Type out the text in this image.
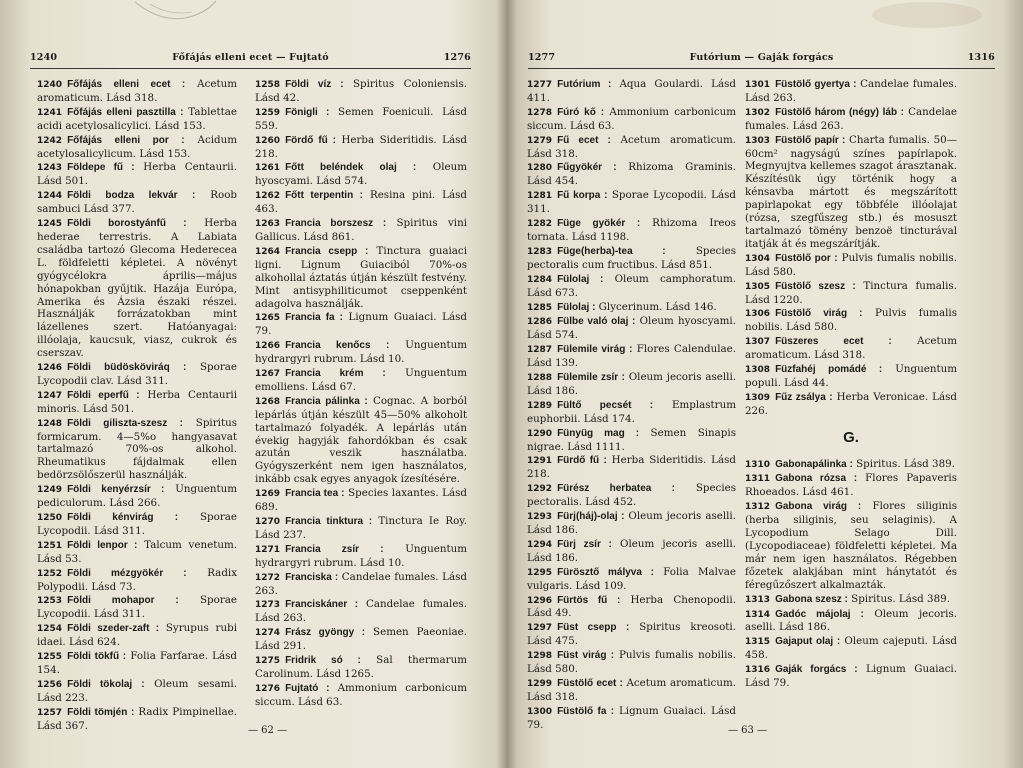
1240	Főfájás elleni ecet — Fujtató	1276
1240 Főfájás elleni ecet : Acetum aromaticum. Lásd 318.
1241 Főfájás elleni pasztilla : Tablettae acidi acetylosalicylici. Lásd 153.
1242 Főfájás elleni por : Acidum acetylosalicylicum. Lásd 153.
1243 Földepe fű : Herba Centaurii. Lásd 501.
1244 Földi bodza lekvár : Roob sambuci Lásd 377.
1245 Földi borostyánfű : Herba hederae terrestris. A Labiata családba tartozó Glecoma Hederecea L. földfeletti képletei. A növényt gyógycélokra április—május hónapokban gyűjtik. Hazája Európa, Amerika és Ázsia északi részei. Használják forrázatokban mint lázellenes szert. Hatóanyagai: illóolaja, kaucsuk, viasz, cukrok és cserszav.
1246 Földi büdösköviráq : Sporae Lycopodii clav. Lásd 311.
1247 Földi eperfű : Herba Centaurii minoris. Lásd 501.
1248 Földi giliszta-szesz : Spiritus formicarum. 4—5%o hangyasavat tartalmazó 70%-os alkohol. Rheumatikus fájdalmak ellen bedörzsölőszerül használják.
1249 Földi kenyérzsír : Unguentum pediculorum. Lásd 266.
1250 Földi kénvirág : Sporae Lycopodii. Lásd 311.
1251 Földi lenpor : Talcum venetum. Lásd 53.
1252 Földi mézgyökér : Radix Polypodii. Lásd 73.
1253 Földi mohapor : Sporae Lycopodii. Lásd 311.
1254 Földi szeder-zaft : Syrupus rubi idaei. Lásd 624.
1255 Földi tökfű : Folia Farfarae. Lásd 154.
1256 Földi tökolaj : Oleum sesami. Lásd 223.
1257 Földi tömjén : Radix Pimpinellae. Lásd 367.
1258 Földi víz : Spiritus Coloniensis. Lásd 42.
1259 Fönigli : Semen Foeniculi. Lásd 559.
1260 Fördő fű : Herba Sideritidis. Lásd 218.
1261 Főtt beléndek olaj : Oleum hyoscyami. Lásd 574.
1262 Főtt terpentin : Resina pini. Lásd 463.
1263 Francia borszesz : Spiritus vini Gallicus. Lásd 861.
1264 Francia csepp : Tinctura guaiaci ligni. Lignum Guiaciból 70%-os alkohollal áztatás útján készült festvény. Mint antisyphiliticumot cseppenként adagolva használják.
1265 Francia fa : Lignum Guaiaci. Lásd 79.
1266 Francia kenőcs : Unguentum hydrargyri rubrum. Lásd 10.
1267 Francia krém : Unguentum emolliens. Lásd 67.
1268 Francia pálinka : Cognac. A borból lepárlás útján készült 45—50% alkoholt tartalmazó folyadék. A lepárlás után évekig hagyják fahordókban és csak azután veszik használatba. Gyógyszerként nem igen használatos, inkább csak egyes anyagok ízesítésére.
1269 Francia tea : Species laxantes. Lásd 689.
1270 Francia tinktura : Tinctura Ie Roy. Lásd 237.
1271 Francia zsír : Unguentum hydrargyri rubrum. Lásd 10.
1272 Franciska : Candelae fumales. Lásd 263.
1273 Franciskáner : Candelae fumales. Lásd 263.
1274 Frász gyöngy : Semen Paeoniae. Lásd 291.
1275 Fridrik só : Sal thermarum Carolinum. Lásd 1265.
1276 Fujtató : Ammonium carbonicum siccum. Lásd 63.
— 62 —
1277	Futórium — Gaják forgács	1316
1277 Futórium : Aqua Goulardi. Lásd 411.
1278 Fúró kő : Ammonium carbonicum siccum. Lásd 63.
1279 Fű ecet : Acetum aromaticum. Lásd 318.
1280 Fűgyökér : Rhizoma Graminis. Lásd 454.
1281 Fű korpa : Sporae Lycopodii. Lásd 311.
1282 Füge gyökér : Rhizoma Ireos tornata. Lásd 1198.
1283 Füge(herba)-tea : Species pectoralis cum fructibus. Lásd 851.
1284 Fülolaj : Oleum camphoratum. Lásd 673.
1285 Fülolaj : Glycerinum. Lásd 146.
1286 Fülbe való olaj : Oleum hyoscyami. Lásd 574.
1287 Fülemile virág : Flores Calendulae. Lásd 139.
1288 Fülemile zsír : Oleum jecoris aselli. Lásd 186.
1289 Fültő pecsét : Emplastrum euphorbii. Lásd 174.
1290 Fünyüg mag : Semen Sinapis nigrae. Lásd 1111.
1291 Fürdő fű : Herba Sideritidis. Lásd 218.
1292 Fürész herbatea : Species pectoralis. Lásd 452.
1293 Fürj(háj)-olaj : Oleum jecoris aselli. Lásd 186.
1294 Fürj zsír : Oleum jecoris aselli. Lásd 186.
1295 Fürösztő mályva : Folia Malvae vulgaris. Lásd 109.
1296 Fürtös fű : Herba Chenopodii. Lásd 49.
1297 Füst csepp : Spiritus kreosoti. Lásd 475.
1298 Füst virág : Pulvis fumalis nobilis. Lásd 580.
1299 Füstölő ecet : Acetum aromaticum. Lásd 318.
1300 Füstölő fa : Lignum Guaiaci. Lásd 79.
1301 Füstölő gyertya : Candelae fumales. Lásd 263.
1302 Füstölő három (négy) láb : Candelae fumales. Lásd 263.
1303 Füstölő papír : Charta fumalis. 50—60cm² nagyságú színes papírlapok. Megnyujtva kellemes szagot árasztanak. Készítésük úgy történik hogy a kénsavba mártott és megszárított papirlapokat egy többféle illóolajat (rózsa, szegfűszeg stb.) és mosuszt tartalmazó tömény benzoë tincturával itatják át és megszárítják.
1304 Füstölő por : Pulvis fumalis nobilis. Lásd 580.
1305 Füstölő szesz : Tinctura fumalis. Lásd 1220.
1306 Füstölő virág : Pulvis fumalis nobilis. Lásd 580.
1307 Füszeres ecet : Acetum aromaticum. Lásd 318.
1308 Füzfahéj pomádé : Unguentum populi. Lásd 44.
1309 Fűz zsálya : Herba Veronicae. Lásd 226.
G.
1310 Gabonapálinka : Spiritus. Lásd 389.
1311 Gabona rózsa : Flores Papaveris Rhoeados. Lásd 461.
1312 Gabona virág : Flores siliginis (herba siliginis, seu selaginis). A Lycopodium Selago Dill. (Lycopodiaceae) földfeletti képletei. Ma már nem igen használatos. Régebben főzetek alakjában mint hánytatót és féregűzőszert alkalmazták.
1313 Gabona szesz : Spiritus. Lásd 389.
1314 Gadóc májolaj : Oleum jecoris. aselli. Lásd 186.
1315 Gajaput olaj : Oleum cajeputi. Lásd 458.
1316 Gaják forgács : Lignum Guaiaci. Lásd 79.
— 63 —
